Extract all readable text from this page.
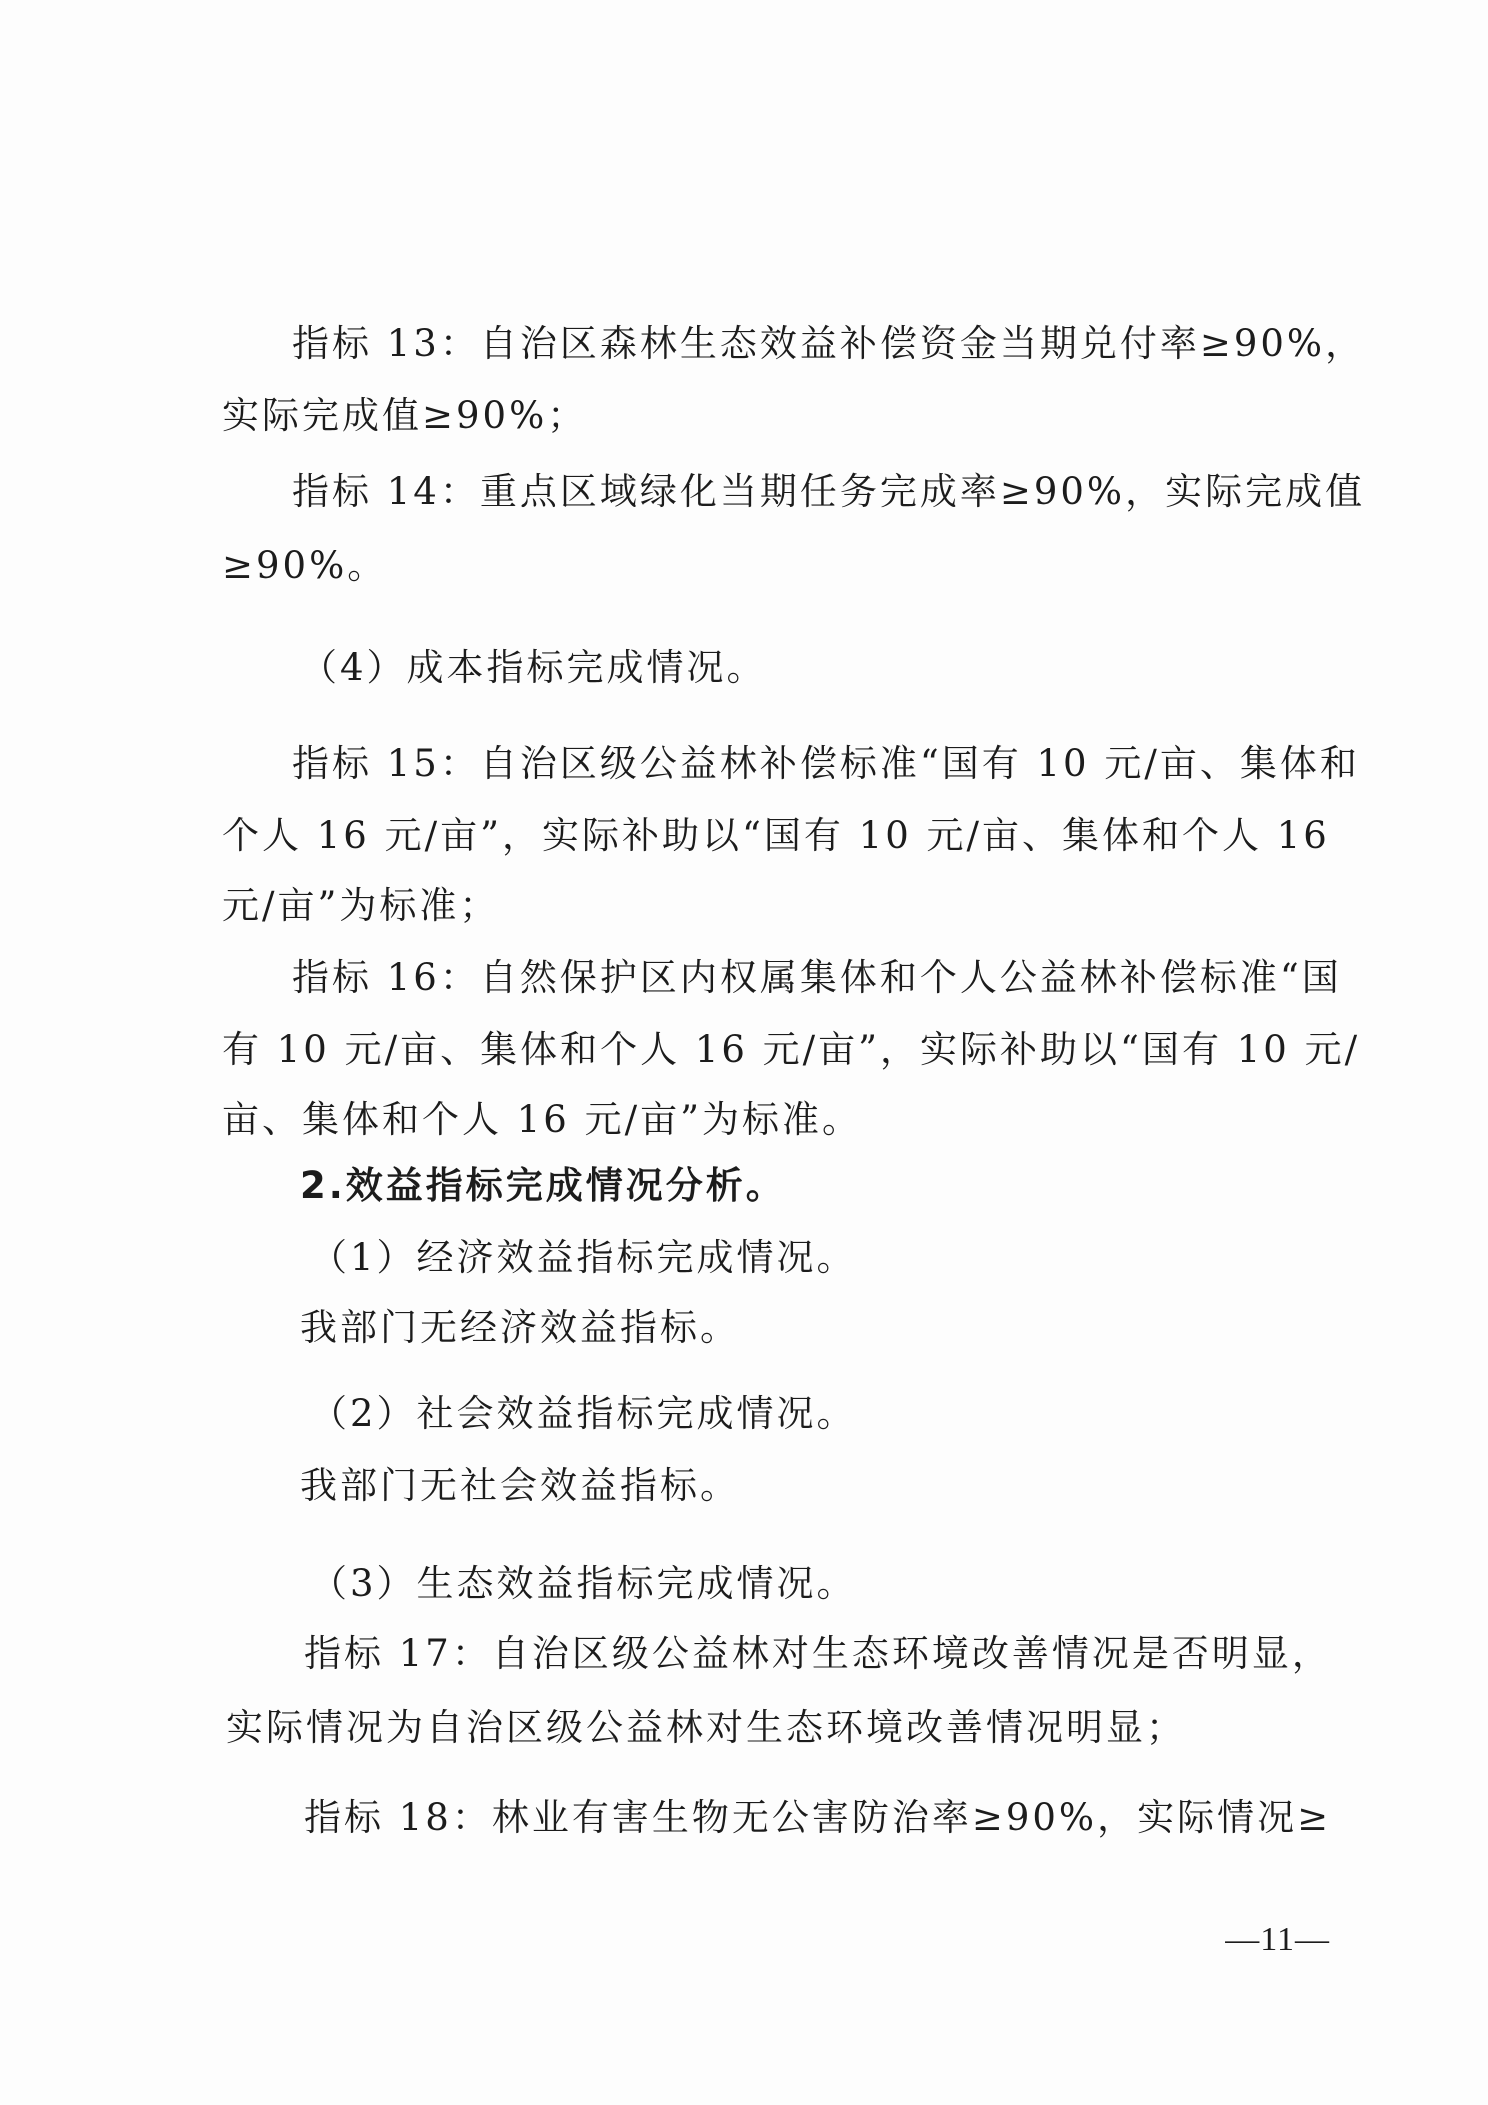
指标 13：自治区森林生态效益补偿资金当期兑付率≥90%，
实际完成值≥90%；
指标 14：重点区域绿化当期任务完成率≥90%，实际完成值
≥90%。
（4）成本指标完成情况。
指标 15：自治区级公益林补偿标准“国有 10 元/亩、集体和
个人 16 元/亩”，实际补助以“国有 10 元/亩、集体和个人 16
元/亩”为标准；
指标 16：自然保护区内权属集体和个人公益林补偿标准“国
有 10 元/亩、集体和个人 16 元/亩”，实际补助以“国有 10 元/
亩、集体和个人 16 元/亩”为标准。
2.效益指标完成情况分析。
（1）经济效益指标完成情况。
我部门无经济效益指标。
（2）社会效益指标完成情况。
我部门无社会效益指标。
（3）生态效益指标完成情况。
指标 17：自治区级公益林对生态环境改善情况是否明显，
实际情况为自治区级公益林对生态环境改善情况明显；
指标 18：林业有害生物无公害防治率≥90%，实际情况≥
—11—
